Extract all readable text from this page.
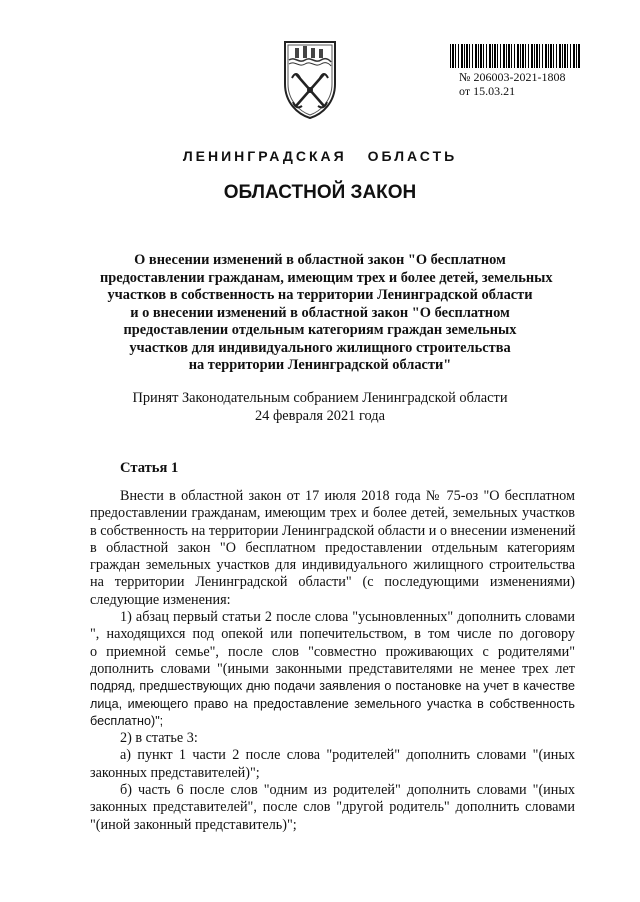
№ 206003-2021-1808
от 15.03.21
ЛЕНИНГРАДСКАЯ ОБЛАСТЬ
ОБЛАСТНОЙ ЗАКОН
О внесении изменений в областной закон "О бесплатном
предоставлении гражданам, имеющим трех и более детей, земельных
участков в собственность на территории Ленинградской области
и о внесении изменений в областной закон "О бесплатном
предоставлении отдельным категориям граждан земельных
участков для индивидуального жилищного строительства
на территории Ленинградской области"
Принят Законодательным собранием Ленинградской области
24 февраля 2021 года
Статья 1
Внести в областной закон от 17 июля 2018 года № 75-оз "О бесплатном
предоставлении гражданам, имеющим трех и более детей, земельных участков
в собственность на территории Ленинградской области и о внесении изменений
в областной закон "О бесплатном предоставлении отдельным категориям
граждан земельных участков для индивидуального жилищного строительства
на территории Ленинградской области" (с последующими изменениями)
следующие изменения:
1) абзац первый статьи 2 после слова "усыновленных" дополнить словами
", находящихся под опекой или попечительством, в том числе по договору
о приемной семье", после слов "совместно проживающих с родителями"
дополнить словами "(иными законными представителями не менее трех лет
подряд, предшествующих дню подачи заявления о постановке на учет в качестве
лица, имеющего право на предоставление земельного участка в собственность
бесплатно)";
2) в статье 3:
а) пункт 1 части 2 после слова "родителей" дополнить словами "(иных
законных представителей)";
б) часть 6 после слов "одним из родителей" дополнить словами "(иных
законных представителей", после слов "другой родитель" дополнить словами
"(иной законный представитель)";
